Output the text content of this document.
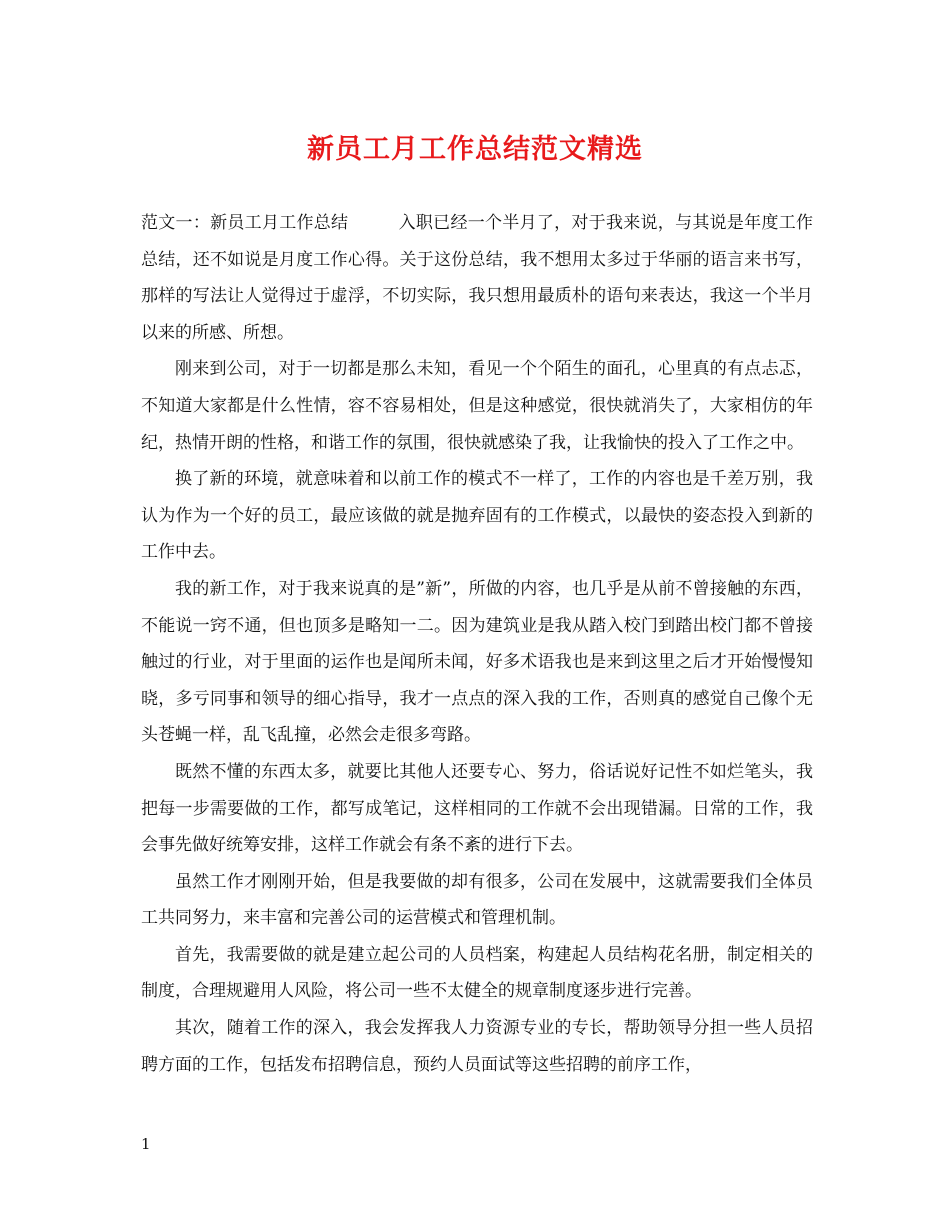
新员工月工作总结范文精选

范文一：新员工月工作总结	入职已经一个半月了，对于我来说，与其说是年度工作总结，还不如说是月度工作心得。关于这份总结，我不想用太多过于华丽的语言来书写，那样的写法让人觉得过于虚浮，不切实际，我只想用最质朴的语句来表达，我这一个半月以来的所感、所想。

刚来到公司，对于一切都是那么未知，看见一个个陌生的面孔，心里真的有点忐忑，不知道大家都是什么性情，容不容易相处，但是这种感觉，很快就消失了，大家相仿的年纪，热情开朗的性格，和谐工作的氛围，很快就感染了我，让我愉快的投入了工作之中。

换了新的环境，就意味着和以前工作的模式不一样了，工作的内容也是千差万别，我认为作为一个好的员工，最应该做的就是抛弃固有的工作模式，以最快的姿态投入到新的工作中去。

我的新工作，对于我来说真的是”新”，所做的内容，也几乎是从前不曾接触的东西，不能说一窍不通，但也顶多是略知一二。因为建筑业是我从踏入校门到踏出校门都不曾接触过的行业，对于里面的运作也是闻所未闻，好多术语我也是来到这里之后才开始慢慢知晓，多亏同事和领导的细心指导，我才一点点的深入我的工作，否则真的感觉自己像个无头苍蝇一样，乱飞乱撞，必然会走很多弯路。

既然不懂的东西太多，就要比其他人还要专心、努力，俗话说好记性不如烂笔头，我把每一步需要做的工作，都写成笔记，这样相同的工作就不会出现错漏。日常的工作，我会事先做好统筹安排，这样工作就会有条不紊的进行下去。

虽然工作才刚刚开始，但是我要做的却有很多，公司在发展中，这就需要我们全体员工共同努力，来丰富和完善公司的运营模式和管理机制。

首先，我需要做的就是建立起公司的人员档案，构建起人员结构花名册，制定相关的制度，合理规避用人风险，将公司一些不太健全的规章制度逐步进行完善。

其次，随着工作的深入，我会发挥我人力资源专业的专长，帮助领导分担一些人员招聘方面的工作，包括发布招聘信息，预约人员面试等这些招聘的前序工作，

1
